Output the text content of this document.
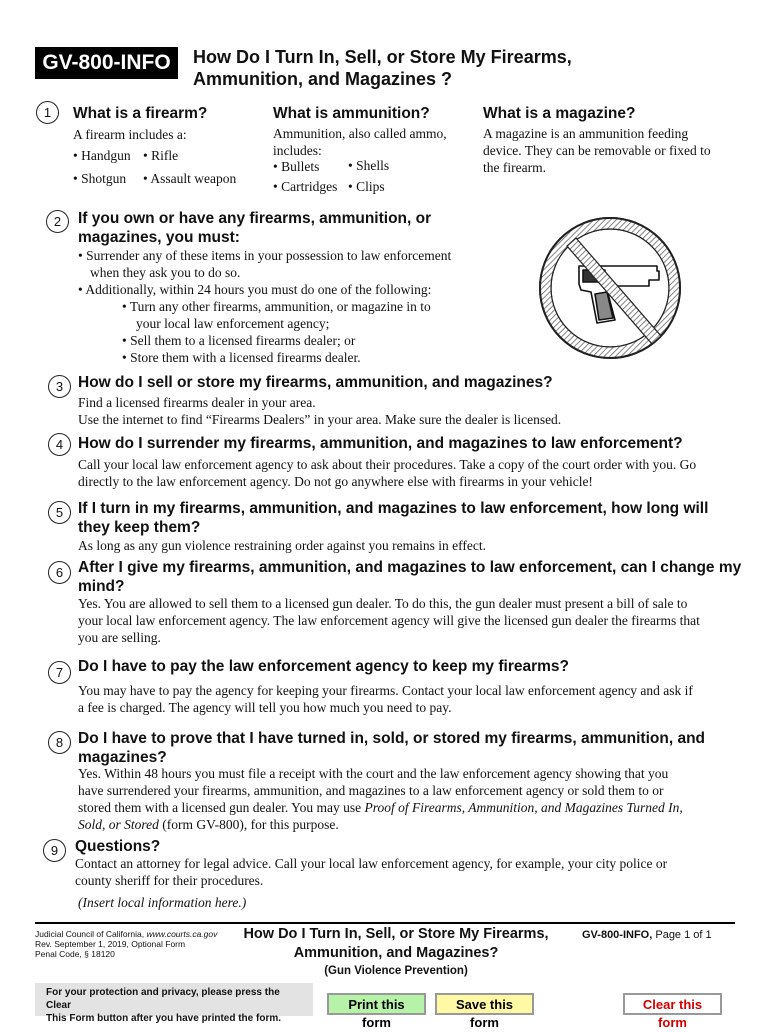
GV-800-INFO	How Do I Turn In, Sell, or Store My Firearms,
Ammunition, and Magazines ?
1	What is a firearm?
A firearm includes a:
• Handgun • Rifle
• Shotgun • Assault weapon
What is ammunition?
Ammunition, also called ammo,
includes:
• Bullets • Shells
• Cartridges • Clips
What is a magazine?
A magazine is an ammunition feeding
device. They can be removable or fixed to
the firearm.
2	If you own or have any firearms, ammunition, or
magazines, you must:
• Surrender any of these items in your possession to law enforcement
when they ask you to do so.
• Additionally, within 24 hours you must do one of the following:
• Turn any other firearms, ammunition, or magazine in to
your local law enforcement agency;
• Sell them to a licensed firearms dealer; or
• Store them with a licensed firearms dealer.
3 How do I sell or store my firearms, ammunition, and magazines?
Find a licensed firearms dealer in your area.
Use the internet to find “Firearms Dealers” in your area. Make sure the dealer is licensed.
4 How do I surrender my firearms, ammunition, and magazines to law enforcement?
Call your local law enforcement agency to ask about their procedures. Take a copy of the court order with you. Go
directly to the law enforcement agency. Do not go anywhere else with firearms in your vehicle!
5 If I turn in my firearms, ammunition, and magazines to law enforcement, how long will
they keep them?
As long as any gun violence restraining order against you remains in effect.
6 After I give my firearms, ammunition, and magazines to law enforcement, can I change my
mind?
Yes. You are allowed to sell them to a licensed gun dealer. To do this, the gun dealer must present a bill of sale to
your local law enforcement agency. The law enforcement agency will give the licensed gun dealer the firearms that
you are selling.
7 Do I have to pay the law enforcement agency to keep my firearms?
You may have to pay the agency for keeping your firearms. Contact your local law enforcement agency and ask if
a fee is charged. The agency will tell you how much you need to pay.
8 Do I have to prove that I have turned in, sold, or stored my firearms, ammunition, and
magazines?
Yes. Within 48 hours you must file a receipt with the court and the law enforcement agency showing that you
have surrendered your firearms, ammunition, and magazines to a law enforcement agency or sold them to or
stored them with a licensed gun dealer. You may use Proof of Firearms, Ammunition, and Magazines Turned In,
Sold, or Stored (form GV-800), for this purpose.
9	Questions?
Contact an attorney for legal advice. Call your local law enforcement agency, for example, your city police or
county sheriff for their procedures.
(Insert local information here.)
Judicial Council of California, www.courts.ca.gov
Rev. September 1, 2019, Optional Form
Penal Code, § 18120
How Do I Turn In, Sell, or Store My Firearms,
Ammunition, and Magazines?
(Gun Violence Prevention)
GV-800-INFO, Page 1 of 1
For your protection and privacy, please press the Clear
This Form button after you have printed the form.
Print this form
Save this form
Clear this form
